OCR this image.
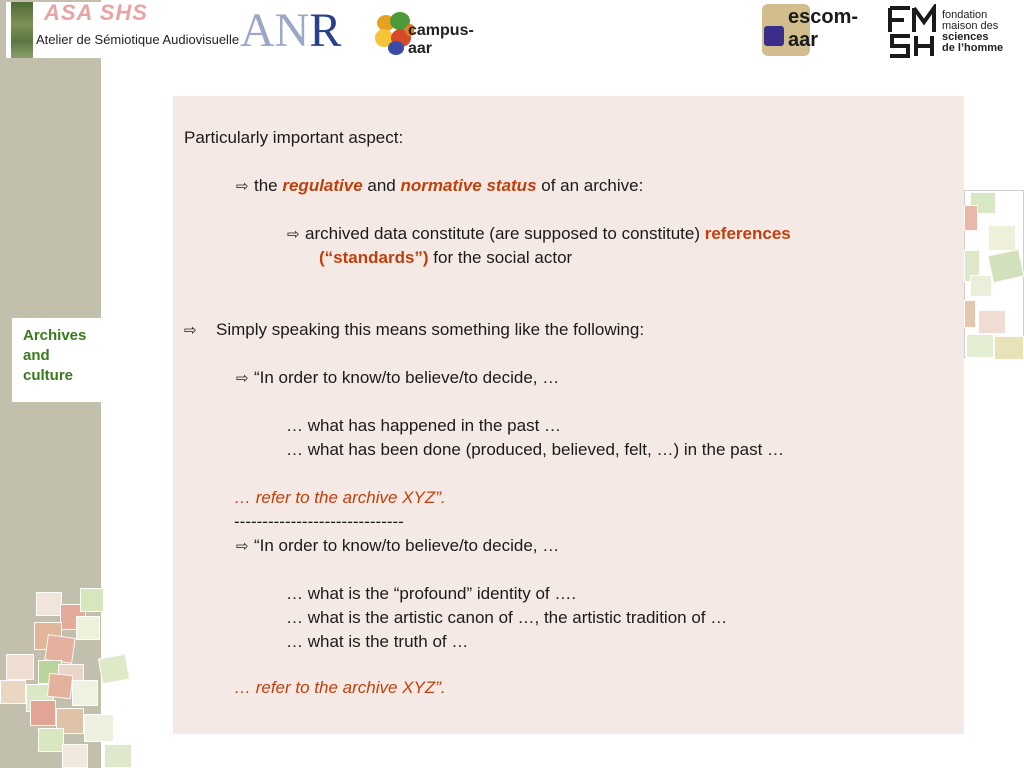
Archives and culture
ASA SHS
Atelier de Sémiotique Audiovisuelle ANR	campus-aar
escom-aar
fondation
maison des
sciences
de l’homme

Particularly important aspect:

⇨ the regulative and normative status of an archive:

⇨ archived data constitute (are supposed to constitute) references

(“standards”) for the social actor

⇨ Simply speaking this means something like the following:

⇨ “In order to know/to believe/to decide, …

… what has happened in the past …

… what has been done (produced, believed, felt, …) in the past …

… refer to the archive XYZ”.

------------------------------

⇨ “In order to know/to believe/to decide, …

… what is the “profound” identity of ….

… what is the artistic canon of …, the artistic tradition of …

… what is the truth of …

… refer to the archive XYZ”.
